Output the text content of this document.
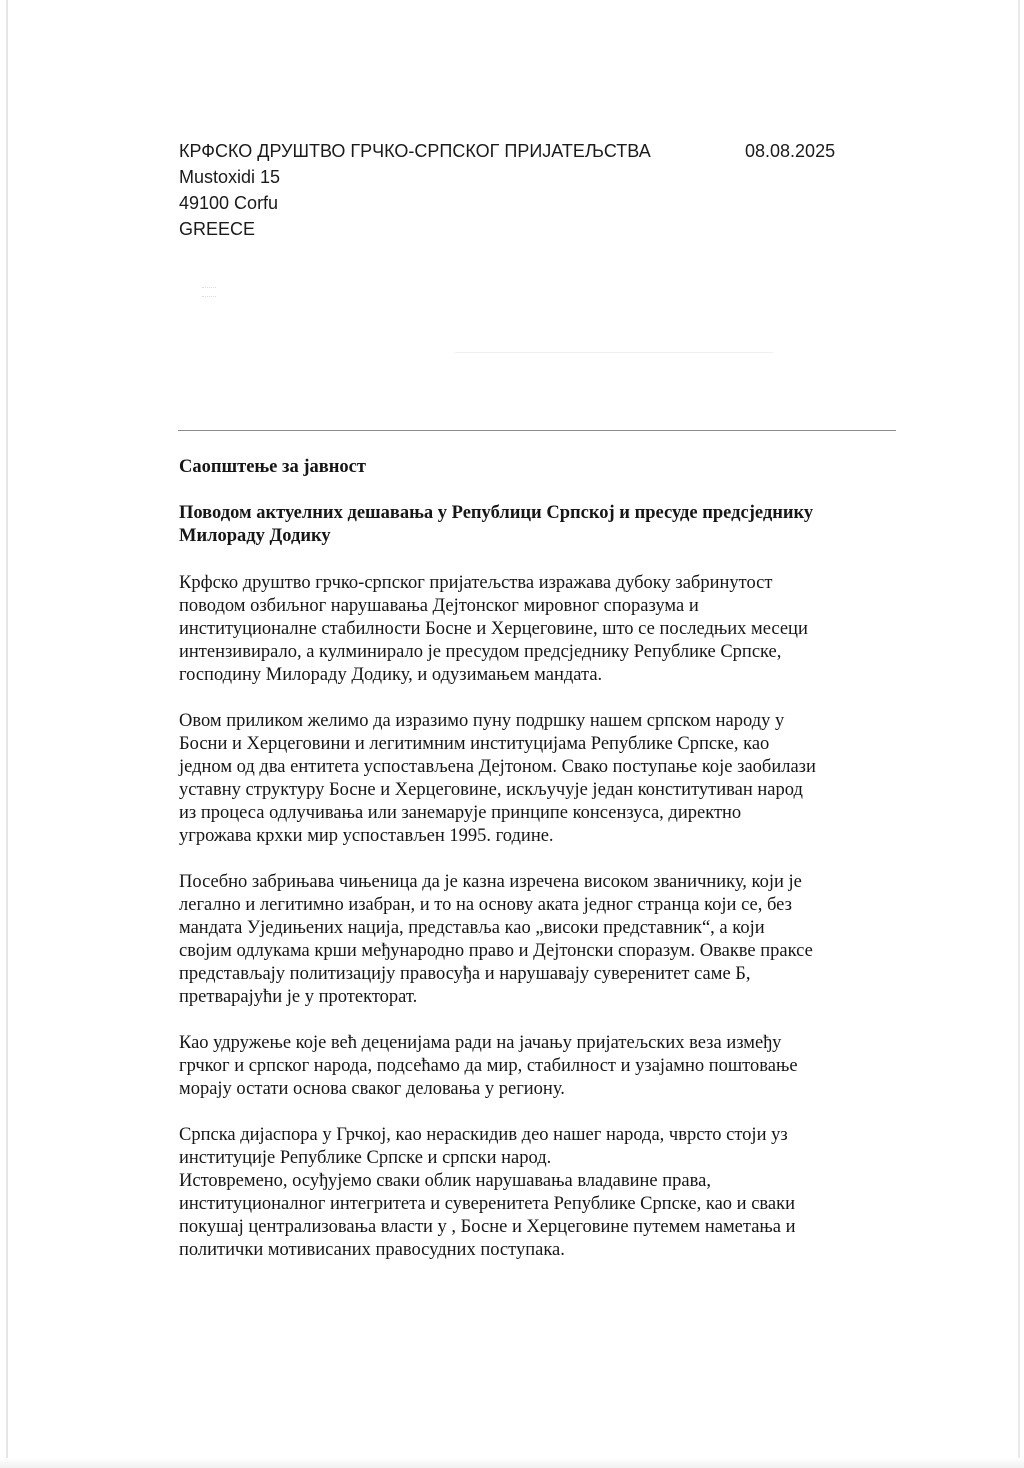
КРФСКО ДРУШТВО ГРЧКО-СРПСКОГ ПРИЈАТЕЉСТВА
Mustoxidi 15
49100 Corfu
GREECE
08.08.2025
Саопштење за јавност
Поводом актуелних дешавања у Републици Српској и пресуде предсједнику
Милораду Додику
Крфско друштво грчко-српског пријатељства изражава дубоку забринутост
поводом озбиљног нарушавања Дејтонског мировног споразума и
институционалне стабилности Босне и Херцеговине, што се последњих месеци
интензивирало, а кулминирало је пресудом предсједнику Републике Српске,
господину Милораду Додику, и одузимањем мандата.
Овом приликом желимо да изразимо пуну подршку нашем српском народу у
Босни и Херцеговини и легитимним институцијама Републике Српске, као
једном од два ентитета успостављена Дејтоном. Свако поступање које заобилази
уставну структуру Босне и Херцеговине, искључује један конститутиван народ
из процеса одлучивања или занемарује принципе консензуса, директно
угрожава крхки мир успостављен 1995. године.
Посебно забрињава чињеница да је казна изречена високом званичнику, који је
легално и легитимно изабран, и то на основу аката једног странца који се, без
мандата Уједињених нација, представља као „високи представник“, а који
својим одлукама крши међународно право и Дејтонски споразум. Овакве праксе
представљају политизацију правосуђа и нарушавају суверенитет саме Б,
претварајући је у протекторат.
Као удружење које већ деценијама ради на јачању пријатељских веза између
грчког и српског народа, подсећамо да мир, стабилност и узајамно поштовање
морају остати основа сваког деловања у региону.
Српска дијаспора у Грчкој, као нераскидив део нашег народа, чврсто стоји уз
институције Републике Српске и српски народ.
Истовремено, осуђујемо сваки облик нарушавања владавине права,
институционалног интегритета и суверенитета Републике Српске, као и сваки
покушај централизовања власти у , Босне и Херцеговине путемем наметања и
политички мотивисаних правосудних поступака.
